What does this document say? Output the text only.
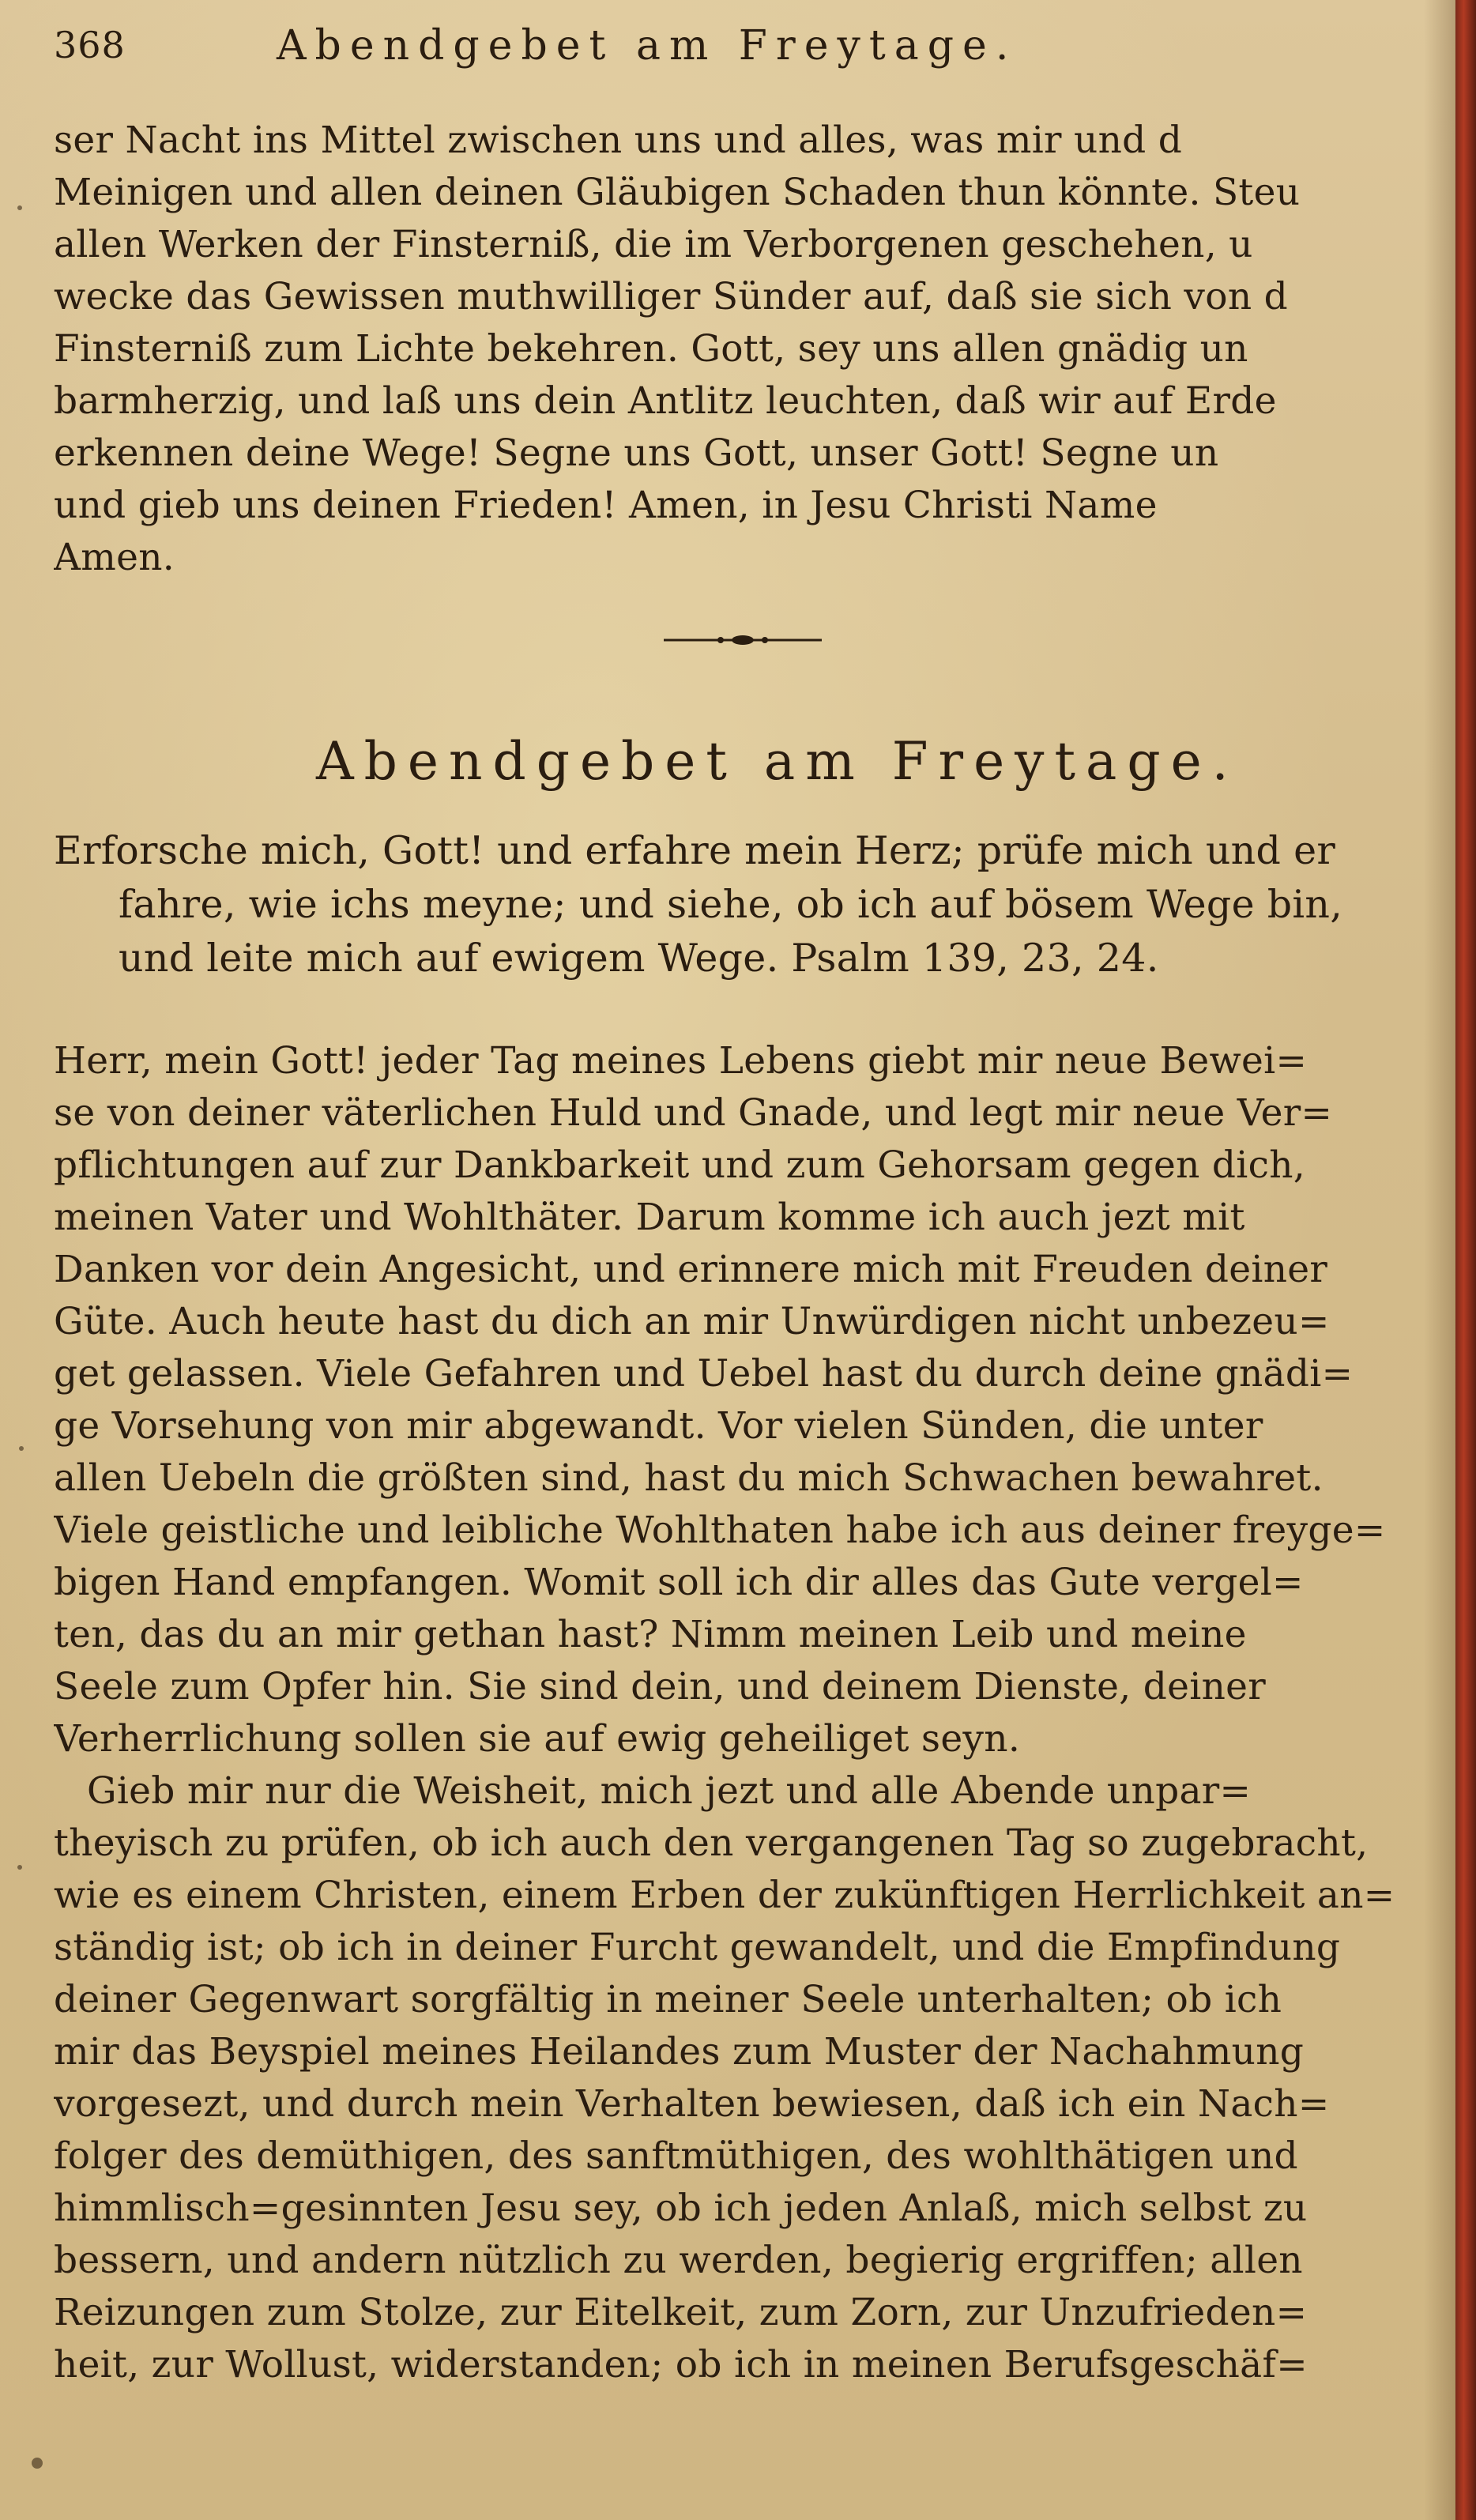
368	Abendgebet am Freytage.
ser Nacht ins Mittel zwischen uns und alles, was mir und d
Meinigen und allen deinen Gläubigen Schaden thun könnte. Steu
allen Werken der Finsterniß, die im Verborgenen geschehen, u
wecke das Gewissen muthwilliger Sünder auf, daß sie sich von d
Finsterniß zum Lichte bekehren. Gott, sey uns allen gnädig un
barmherzig, und laß uns dein Antlitz leuchten, daß wir auf Erde
erkennen deine Wege! Segne uns Gott, unser Gott! Segne un
und gieb uns deinen Frieden! Amen, in Jesu Christi Name
Amen.
Abendgebet am Freytage.
Erforsche mich, Gott! und erfahre mein Herz; prüfe mich und er
fahre, wie ichs meyne; und siehe, ob ich auf bösem Wege bin,
und leite mich auf ewigem Wege. Psalm 139, 23, 24.
Herr, mein Gott! jeder Tag meines Lebens giebt mir neue Bewei=
se von deiner väterlichen Huld und Gnade, und legt mir neue Ver=
pflichtungen auf zur Dankbarkeit und zum Gehorsam gegen dich,
meinen Vater und Wohlthäter. Darum komme ich auch jezt mit
Danken vor dein Angesicht, und erinnere mich mit Freuden deiner
Güte. Auch heute hast du dich an mir Unwürdigen nicht unbezeu=
get gelassen. Viele Gefahren und Uebel hast du durch deine gnädi=
ge Vorsehung von mir abgewandt. Vor vielen Sünden, die unter
allen Uebeln die größten sind, hast du mich Schwachen bewahret.
Viele geistliche und leibliche Wohlthaten habe ich aus deiner freyge=
bigen Hand empfangen. Womit soll ich dir alles das Gute vergel=
ten, das du an mir gethan hast? Nimm meinen Leib und meine
Seele zum Opfer hin. Sie sind dein, und deinem Dienste, deiner
Verherrlichung sollen sie auf ewig geheiliget seyn.
Gieb mir nur die Weisheit, mich jezt und alle Abende unpar=
theyisch zu prüfen, ob ich auch den vergangenen Tag so zugebracht,
wie es einem Christen, einem Erben der zukünftigen Herrlichkeit an=
ständig ist; ob ich in deiner Furcht gewandelt, und die Empfindung
deiner Gegenwart sorgfältig in meiner Seele unterhalten; ob ich
mir das Beyspiel meines Heilandes zum Muster der Nachahmung
vorgesezt, und durch mein Verhalten bewiesen, daß ich ein Nach=
folger des demüthigen, des sanftmüthigen, des wohlthätigen und
himmlisch=gesinnten Jesu sey, ob ich jeden Anlaß, mich selbst zu
bessern, und andern nützlich zu werden, begierig ergriffen; allen
Reizungen zum Stolze, zur Eitelkeit, zum Zorn, zur Unzufrieden=
heit, zur Wollust, widerstanden; ob ich in meinen Berufsgeschäf=
